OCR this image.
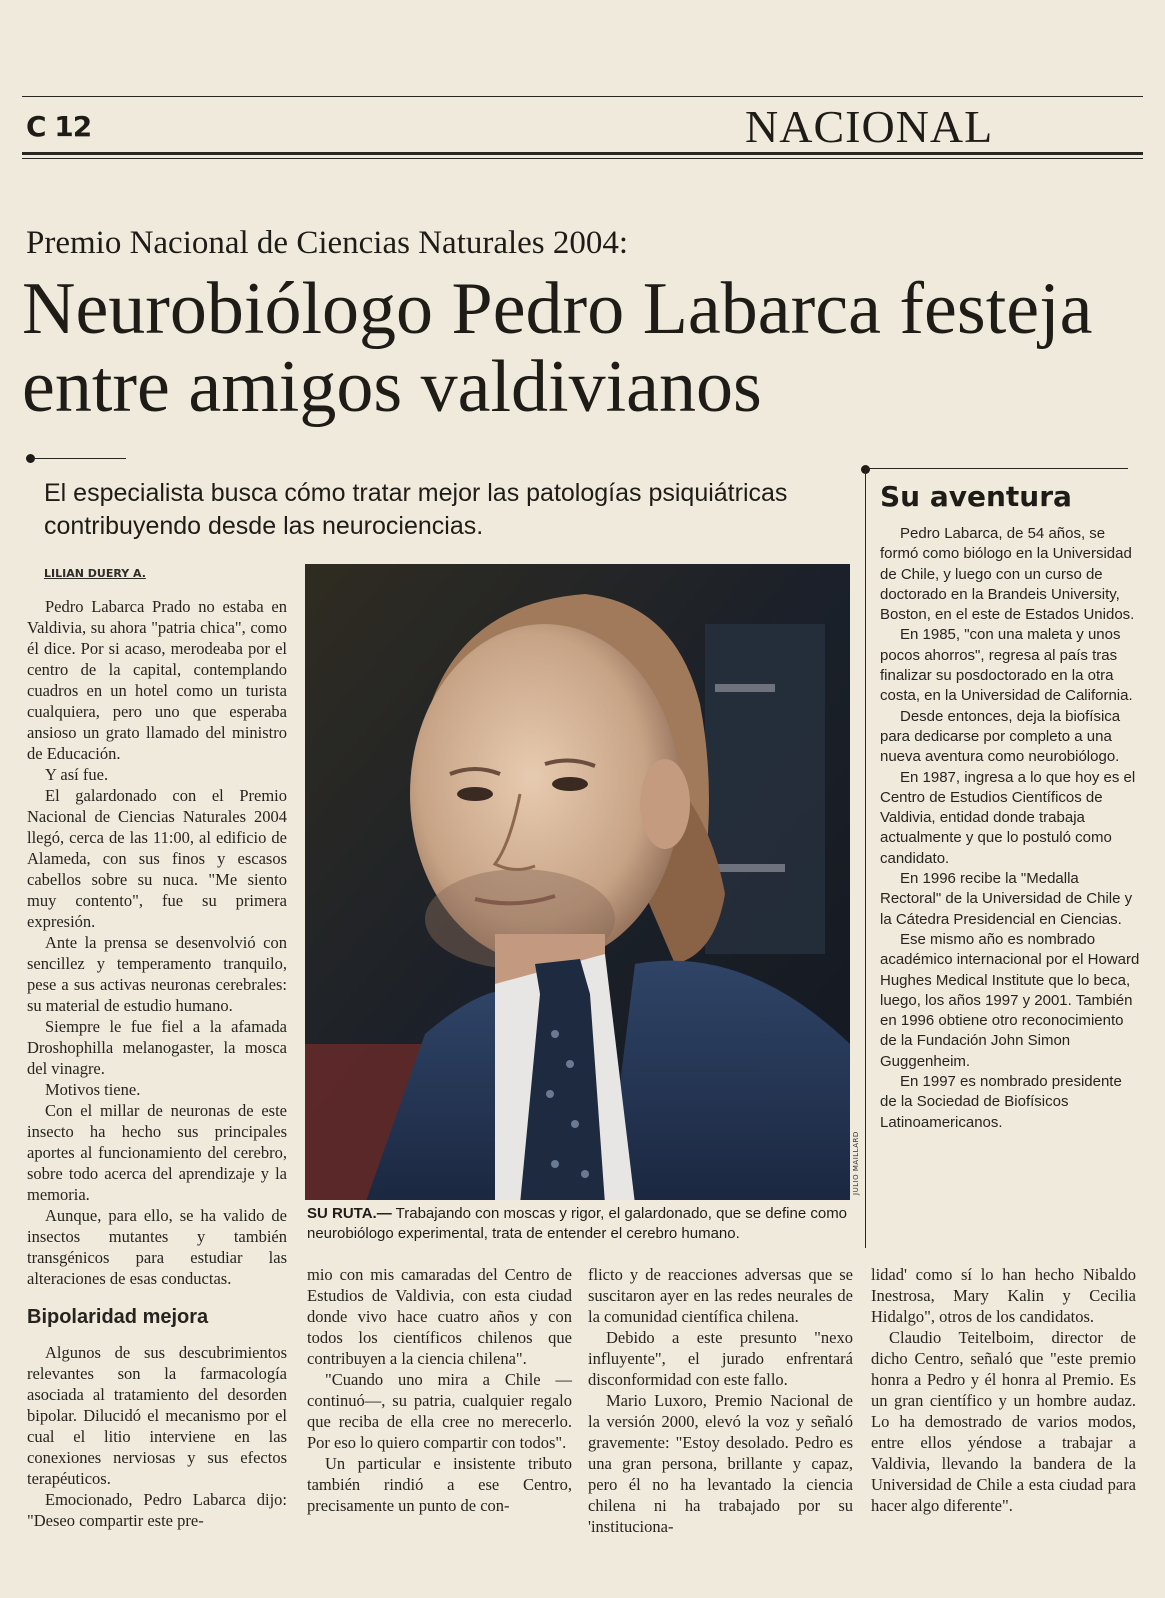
C 12	NACIONAL
Premio Nacional de Ciencias Naturales 2004:
Neurobiólogo Pedro Labarca festeja entre amigos valdivianos
El especialista busca cómo tratar mejor las patologías psiquiátricas contribuyendo desde las neurociencias.
LILIAN DUERY A.

Pedro Labarca Prado no estaba en Valdivia, su ahora "patria chica", como él dice. Por si acaso, merodeaba por el centro de la capital, contemplando cuadros en un hotel como un turista cualquiera, pero uno que esperaba ansioso un grato llamado del ministro de Educación.

Y así fue.

El galardonado con el Premio Nacional de Ciencias Naturales 2004 llegó, cerca de las 11:00, al edificio de Alameda, con sus finos y escasos cabellos sobre su nuca. "Me siento muy contento", fue su primera expresión.

Ante la prensa se desenvolvió con sencillez y temperamento tranquilo, pese a sus activas neuronas cerebrales: su material de estudio humano.

Siempre le fue fiel a la afamada Droshophilla melanogaster, la mosca del vinagre.

Motivos tiene.

Con el millar de neuronas de este insecto ha hecho sus principales aportes al funcionamiento del cerebro, sobre todo acerca del aprendizaje y la memoria.

Aunque, para ello, se ha valido de insectos mutantes y también transgénicos para estudiar las alteraciones de esas conductas.

Bipolaridad mejora

Algunos de sus descubrimientos relevantes son la farmacología asociada al tratamiento del desorden bipolar. Dilucidó el mecanismo por el cual el litio interviene en las conexiones nerviosas y sus efectos terapéuticos.

Emocionado, Pedro Labarca dijo: "Deseo compartir este pre-

JULIO MAILLARD
SU RUTA.— Trabajando con moscas y rigor, el galardonado, que se define como neurobiólogo experimental, trata de entender el cerebro humano.

mio con mis camaradas del Centro de Estudios de Valdivia, con esta ciudad donde vivo hace cuatro años y con todos los científicos chilenos que contribuyen a la ciencia chilena".

"Cuando uno mira a Chile —continuó—, su patria, cualquier regalo que reciba de ella cree no merecerlo. Por eso lo quiero compartir con todos".

Un particular e insistente tributo también rindió a ese Centro, precisamente un punto de con-

flicto y de reacciones adversas que se suscitaron ayer en las redes neurales de la comunidad científica chilena.

Debido a este presunto "nexo influyente", el jurado enfrentará disconformidad con este fallo.

Mario Luxoro, Premio Nacional de la versión 2000, elevó la voz y señaló gravemente: "Estoy desolado. Pedro es una gran persona, brillante y capaz, pero él no ha levantado la ciencia chilena ni ha trabajado por su 'instituciona-

lidad' como sí lo han hecho Nibaldo Inestrosa, Mary Kalin y Cecilia Hidalgo", otros de los candidatos.

Claudio Teitelboim, director de dicho Centro, señaló que "este premio honra a Pedro y él honra al Premio. Es un gran científico y un hombre audaz. Lo ha demostrado de varios modos, entre ellos yéndose a trabajar a Valdivia, llevando la bandera de la Universidad de Chile a esta ciudad para hacer algo diferente".

Su aventura

Pedro Labarca, de 54 años, se formó como biólogo en la Universidad de Chile, y luego con un curso de doctorado en la Brandeis University, Boston, en el este de Estados Unidos.

En 1985, "con una maleta y unos pocos ahorros", regresa al país tras finalizar su posdoctorado en la otra costa, en la Universidad de California.

Desde entonces, deja la biofísica para dedicarse por completo a una nueva aventura como neurobiólogo.

En 1987, ingresa a lo que hoy es el Centro de Estudios Científicos de Valdivia, entidad donde trabaja actualmente y que lo postuló como candidato.

En 1996 recibe la "Medalla Rectoral" de la Universidad de Chile y la Cátedra Presidencial en Ciencias.

Ese mismo año es nombrado académico internacional por el Howard Hughes Medical Institute que lo beca, luego, los años 1997 y 2001. También en 1996 obtiene otro reconocimiento de la Fundación John Simon Guggenheim.

En 1997 es nombrado presidente de la Sociedad de Biofísicos Latinoamericanos.
